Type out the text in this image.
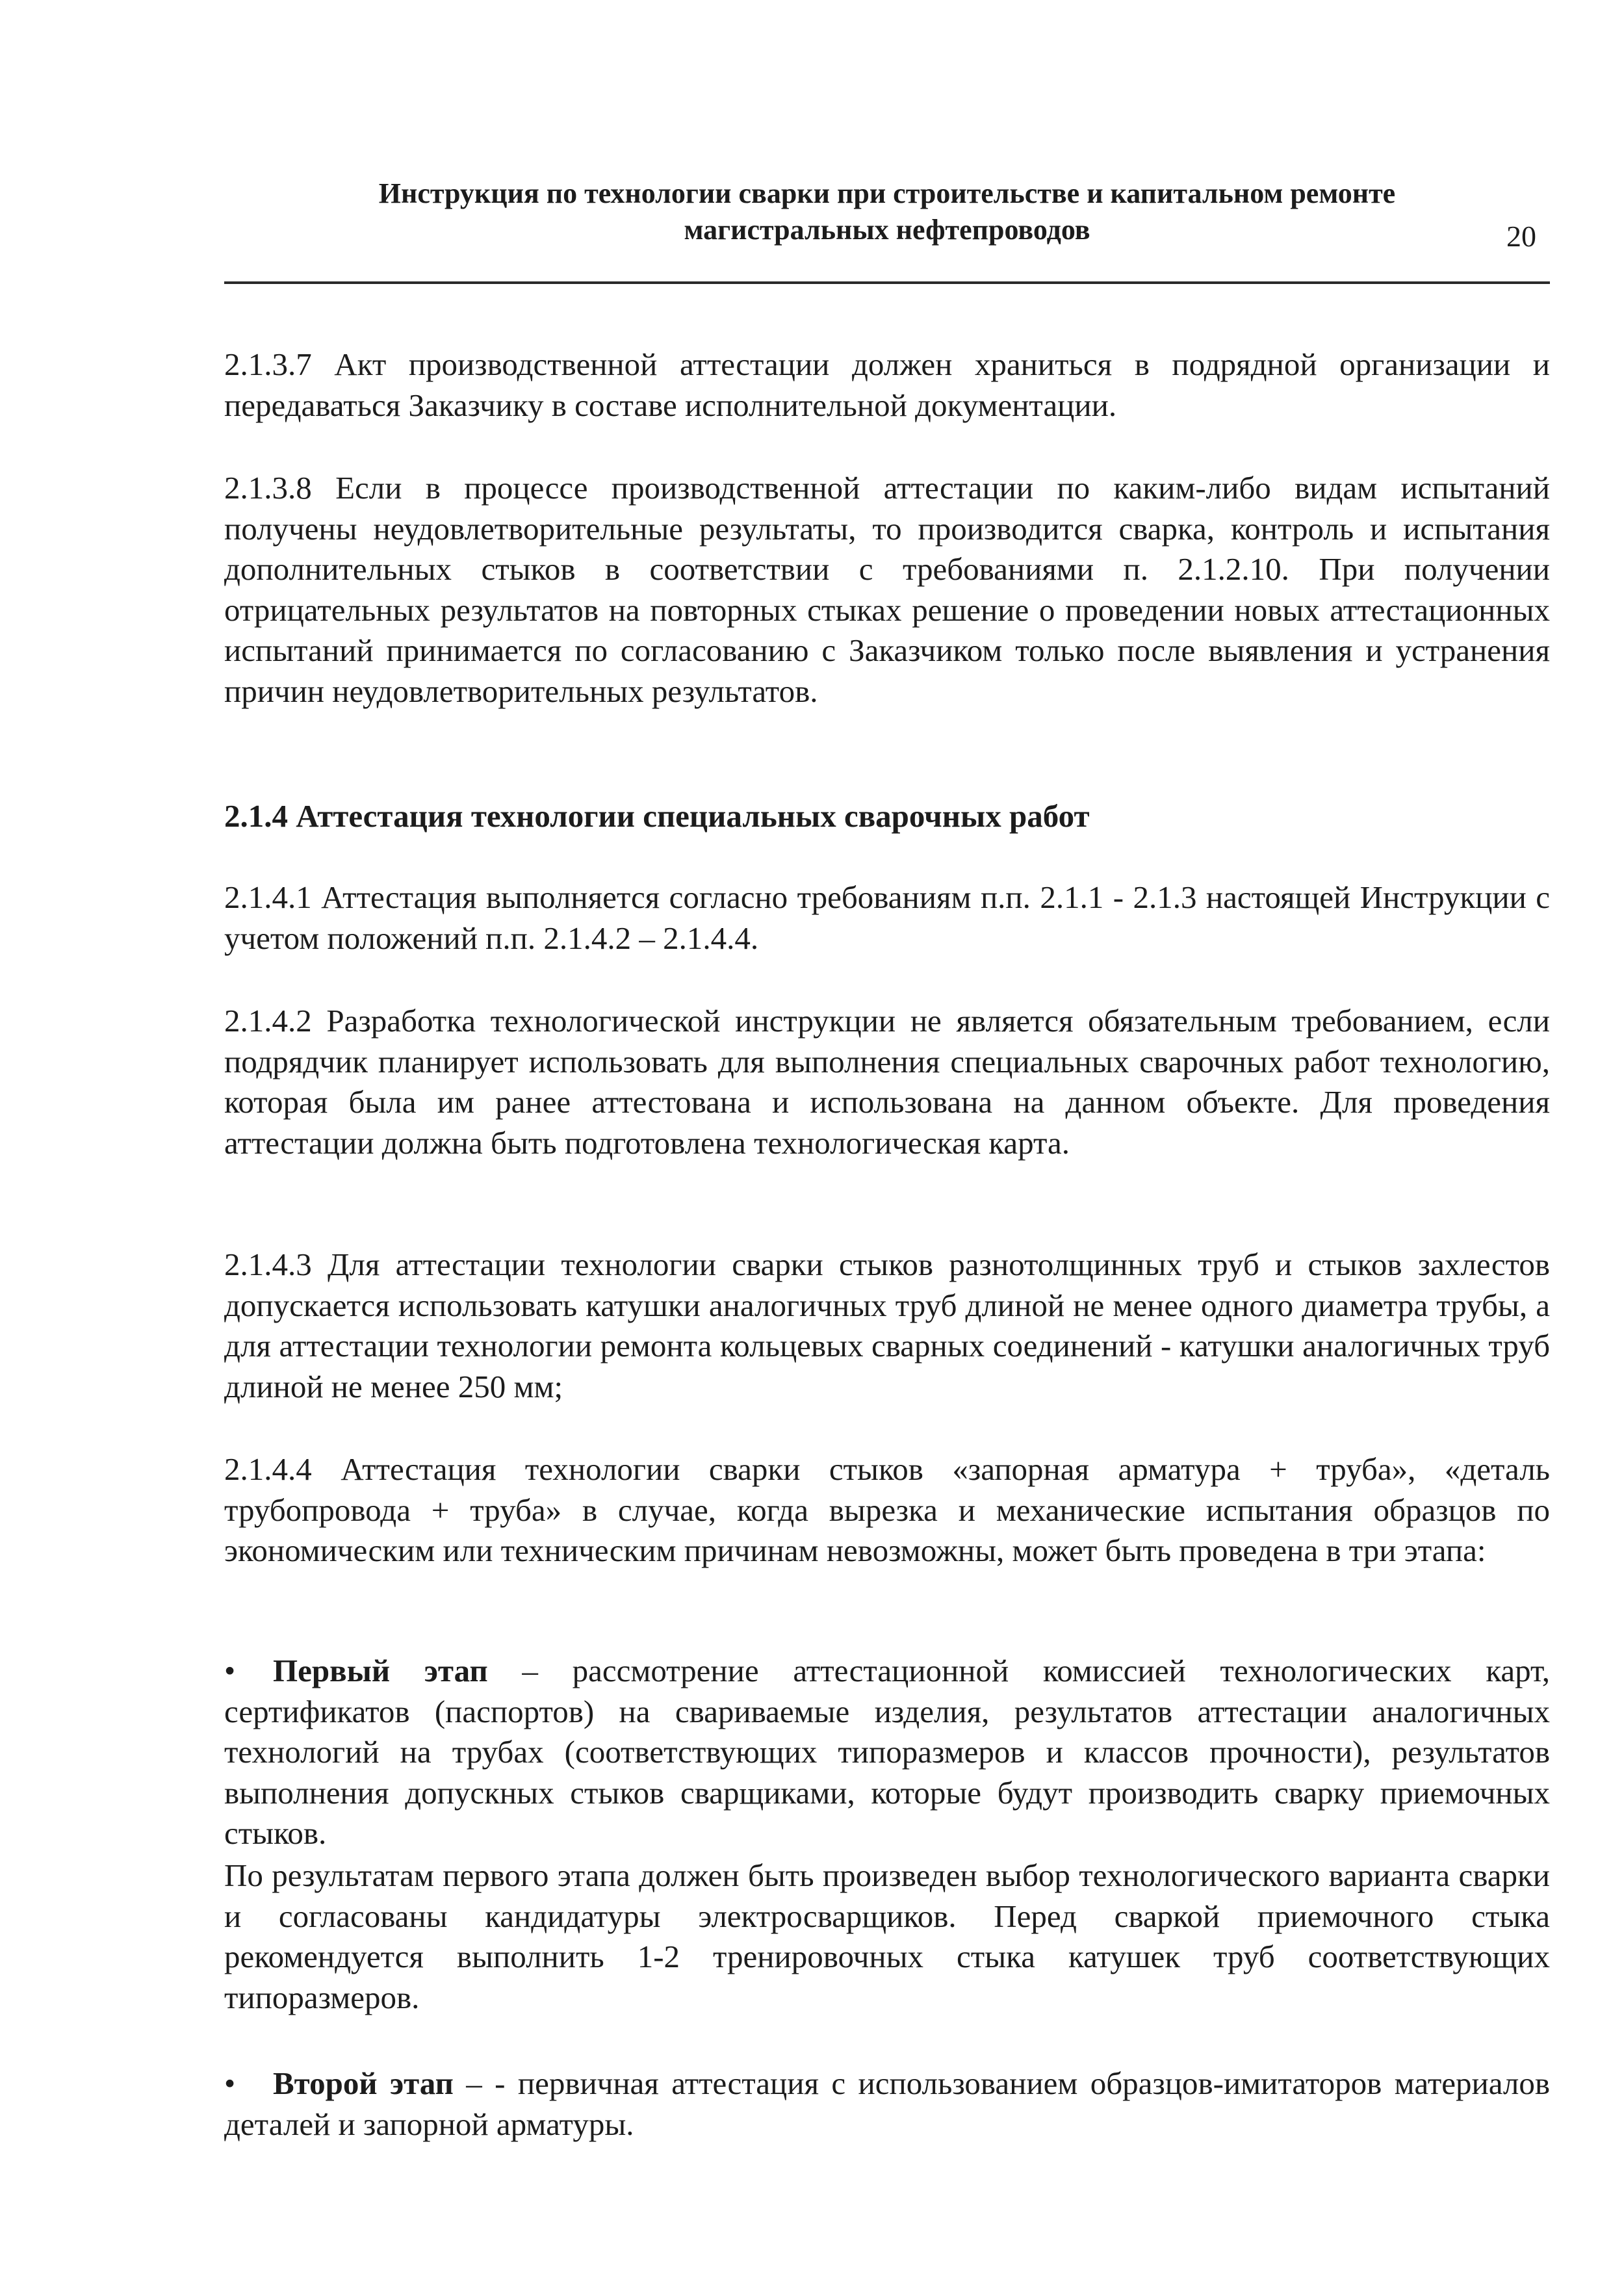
Инструкция по технологии сварки при строительстве и капитальном ремонте
магистральных нефтепроводов	20

2.1.3.7 Акт производственной аттестации должен храниться в подрядной организации и передаваться Заказчику в составе исполнительной документации.

2.1.3.8 Если в процессе производственной аттестации по каким-либо видам испытаний получены неудовлетворительные результаты, то производится сварка, контроль и испытания дополнительных стыков в соответствии с требованиями п. 2.1.2.10. При получении отрицательных результатов на повторных стыках решение о проведении новых аттестационных испытаний принимается по согласованию с Заказчиком только после выявления и устранения причин неудовлетворительных результатов.

2.1.4 Аттестация технологии специальных сварочных работ

2.1.4.1 Аттестация выполняется согласно требованиям п.п. 2.1.1 - 2.1.3 настоящей Инструкции с учетом положений п.п. 2.1.4.2 – 2.1.4.4.

2.1.4.2 Разработка технологической инструкции не является обязательным требованием, если подрядчик планирует использовать для выполнения специальных сварочных работ технологию, которая была им ранее аттестована и использована на данном объекте. Для проведения аттестации должна быть подготовлена технологическая карта.

2.1.4.3 Для аттестации технологии сварки стыков разнотолщинных труб и стыков захлестов допускается использовать катушки аналогичных труб длиной не менее одного диаметра трубы, а для аттестации технологии ремонта кольцевых сварных соединений - катушки аналогичных труб длиной не менее 250 мм;

2.1.4.4 Аттестация технологии сварки стыков «запорная арматура + труба», «деталь трубопровода + труба» в случае, когда вырезка и механические испытания образцов по экономическим или техническим причинам невозможны, может быть проведена в три этапа:

• Первый этап – рассмотрение аттестационной комиссией технологических карт, сертификатов (паспортов) на свариваемые изделия, результатов аттестации аналогичных технологий на трубах (соответствующих типоразмеров и классов прочности), результатов выполнения допускных стыков сварщиками, которые будут производить сварку приемочных стыков.

По результатам первого этапа должен быть произведен выбор технологического варианта сварки и согласованы кандидатуры электросварщиков. Перед сваркой приемочного стыка рекомендуется выполнить 1-2 тренировочных стыка катушек труб соответствующих типоразмеров.

• Второй этап – - первичная аттестация с использованием образцов-имитаторов материалов деталей и запорной арматуры.
